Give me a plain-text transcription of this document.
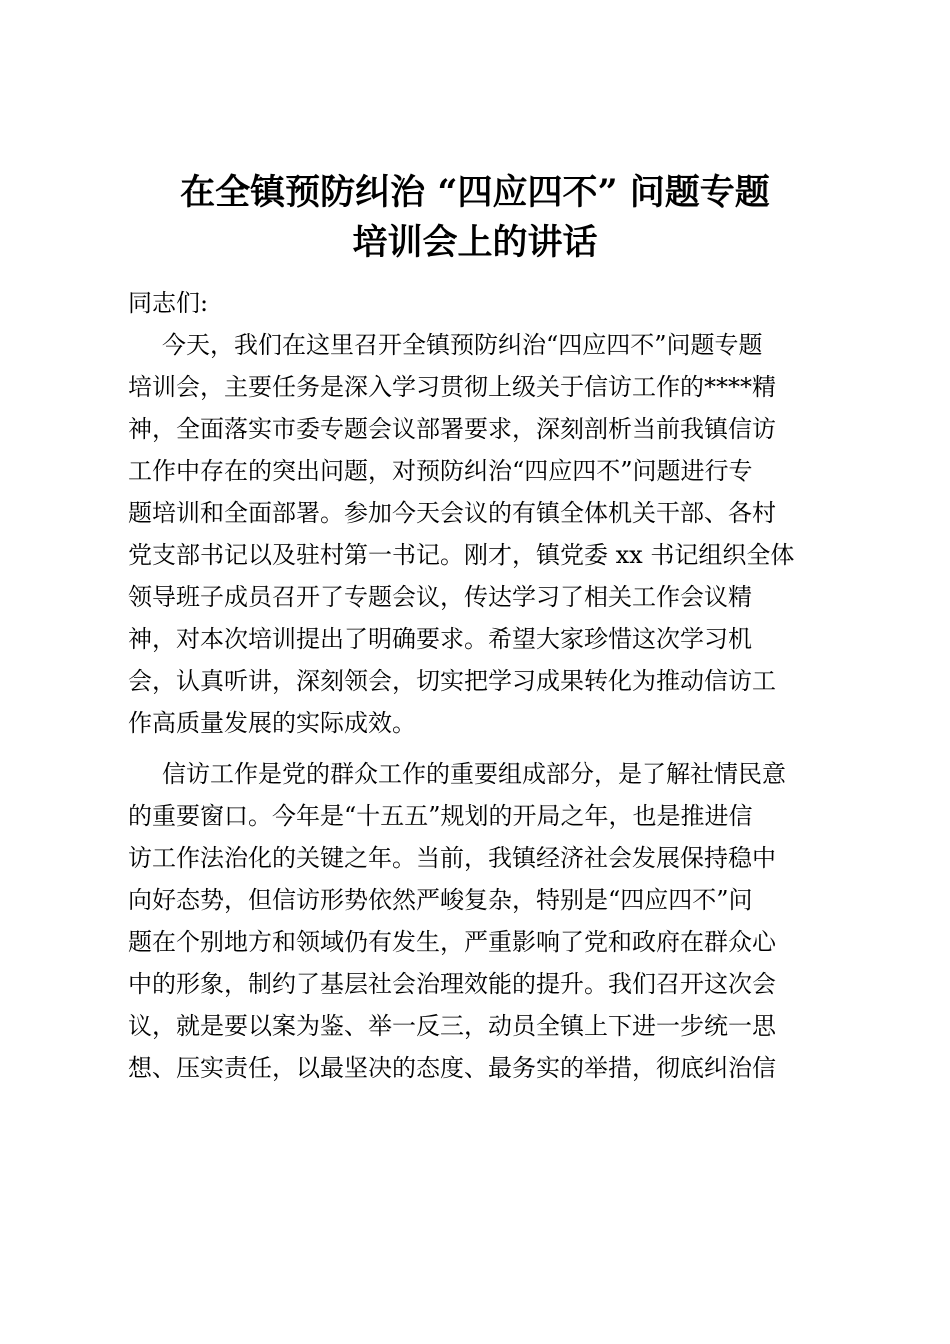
在全镇预防纠治 “四应四不” 问题专题
培训会上的讲话

同志们:

今天，我们在这里召开全镇预防纠治“四应四不”问题专题

培训会，主要任务是深入学习贯彻上级关于信访工作的****精

神，全面落实市委专题会议部署要求，深刻剖析当前我镇信访

工作中存在的突出问题，对预防纠治“四应四不”问题进行专

题培训和全面部署。参加今天会议的有镇全体机关干部、各村

党支部书记以及驻村第一书记。刚才，镇党委 xx 书记组织全体

领导班子成员召开了专题会议，传达学习了相关工作会议精

神，对本次培训提出了明确要求。希望大家珍惜这次学习机

会，认真听讲，深刻领会，切实把学习成果转化为推动信访工

作高质量发展的实际成效。

信访工作是党的群众工作的重要组成部分，是了解社情民意

的重要窗口。今年是“十五五”规划的开局之年，也是推进信

访工作法治化的关键之年。当前，我镇经济社会发展保持稳中

向好态势，但信访形势依然严峻复杂，特别是“四应四不”问

题在个别地方和领域仍有发生，严重影响了党和政府在群众心

中的形象，制约了基层社会治理效能的提升。我们召开这次会

议，就是要以案为鉴、举一反三，动员全镇上下进一步统一思

想、压实责任，以最坚决的态度、最务实的举措，彻底纠治信
